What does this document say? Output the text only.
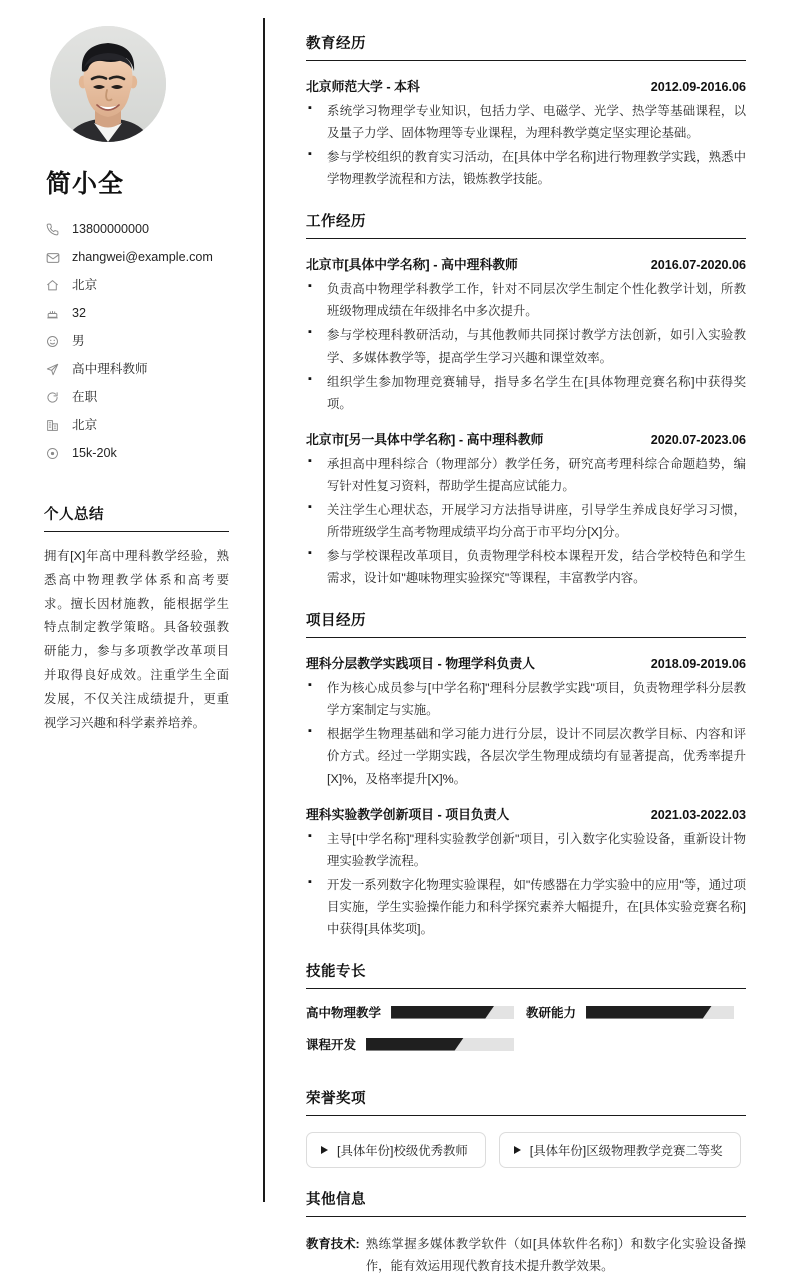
简小全
13800000000
zhangwei@example.com
北京
32
男
高中理科教师
在职
北京
15k-20k
个人总结

拥有[X]年高中理科教学经验，熟悉高中物理教学体系和高考要求。擅长因材施教，能根据学生特点制定教学策略。具备较强教研能力，参与多项教学改革项目并取得良好成效。注重学生全面发展，不仅关注成绩提升，更重视学习兴趣和科学素养培养。

教育经历
北京师范大学 - 本科	2012.09-2016.06
▪ 系统学习物理学专业知识，包括力学、电磁学、光学、热学等基础课程，以及量子力学、固体物理等专业课程，为理科教学奠定坚实理论基础。
▪ 参与学校组织的教育实习活动，在[具体中学名称]进行物理教学实践，熟悉中学物理教学流程和方法，锻炼教学技能。
工作经历
北京市[具体中学名称] - 高中理科教师	2016.07-2020.06
▪ 负责高中物理学科教学工作，针对不同层次学生制定个性化教学计划，所教班级物理成绩在年级排名中多次提升。
▪ 参与学校理科教研活动，与其他教师共同探讨教学方法创新，如引入实验教学、多媒体教学等，提高学生学习兴趣和课堂效率。
▪ 组织学生参加物理竞赛辅导，指导多名学生在[具体物理竞赛名称]中获得奖项。
北京市[另一具体中学名称] - 高中理科教师	2020.07-2023.06
▪ 承担高中理科综合（物理部分）教学任务，研究高考理科综合命题趋势，编写针对性复习资料，帮助学生提高应试能力。
▪ 关注学生心理状态，开展学习方法指导讲座，引导学生养成良好学习习惯，所带班级学生高考物理成绩平均分高于市平均分[X]分。
▪ 参与学校课程改革项目，负责物理学科校本课程开发，结合学校特色和学生需求，设计如"趣味物理实验探究"等课程，丰富教学内容。
项目经历
理科分层教学实践项目 - 物理学科负责人	2018.09-2019.06
▪ 作为核心成员参与[中学名称]"理科分层教学实践"项目，负责物理学科分层教学方案制定与实施。
▪ 根据学生物理基础和学习能力进行分层，设计不同层次教学目标、内容和评价方式。经过一学期实践，各层次学生物理成绩均有显著提高，优秀率提升[X]%，及格率提升[X]%。
理科实验教学创新项目 - 项目负责人	2021.03-2022.03
▪ 主导[中学名称]"理科实验教学创新"项目，引入数字化实验设备，重新设计物理实验教学流程。
▪ 开发一系列数字化物理实验课程，如"传感器在力学实验中的应用"等，通过项目实施，学生实验操作能力和科学探究素养大幅提升，在[具体实验竞赛名称]中获得[具体奖项]。
技能专长
高中物理教学	教研能力
课程开发
荣誉奖项
[具体年份]校级优秀教师	[具体年份]区级物理教学竞赛二等奖
其他信息
教育技术: 熟练掌握多媒体教学软件（如[具体软件名称]）和数字化实验设备操作，能有效运用现代教育技术提升教学效果。
